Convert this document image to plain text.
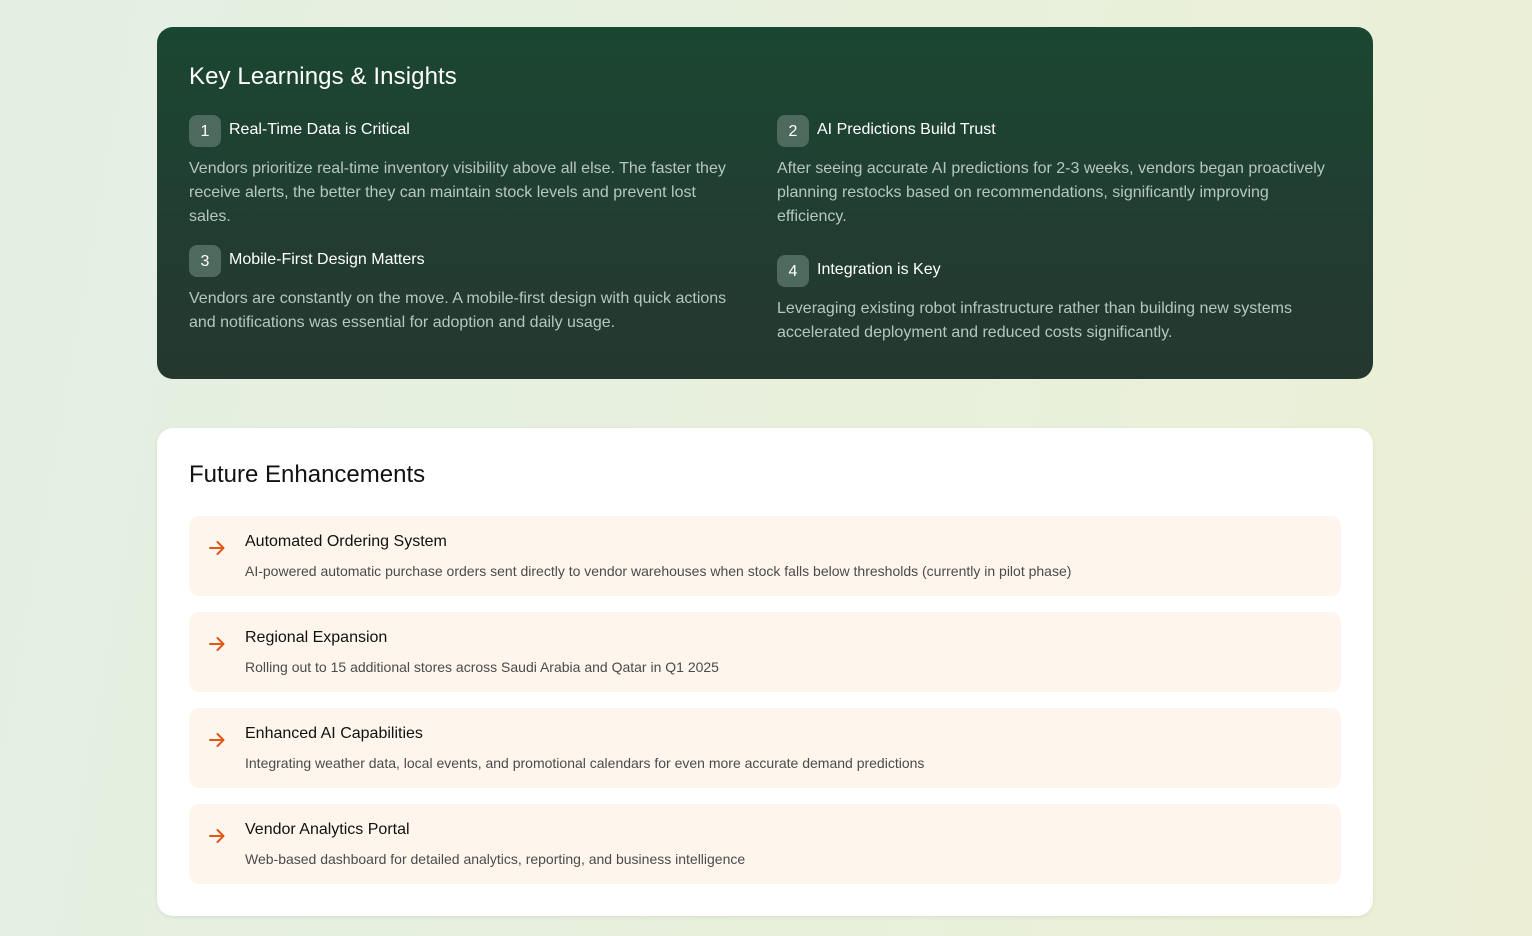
Key Learnings & Insights
1	Real-Time Data is Critical

Vendors prioritize real-time inventory visibility above all else. The faster they receive alerts, the better they can maintain stock levels and prevent lost sales.

2	AI Predictions Build Trust

After seeing accurate AI predictions for 2-3 weeks, vendors began proactively planning restocks based on recommendations, significantly improving efficiency.

3	Mobile-First Design Matters

Vendors are constantly on the move. A mobile-first design with quick actions and notifications was essential for adoption and daily usage.

4	Integration is Key

Leveraging existing robot infrastructure rather than building new systems accelerated deployment and reduced costs significantly.

Future Enhancements
Automated Ordering System
AI-powered automatic purchase orders sent directly to vendor warehouses when stock falls below thresholds (currently in pilot phase)
Regional Expansion
Rolling out to 15 additional stores across Saudi Arabia and Qatar in Q1 2025
Enhanced AI Capabilities
Integrating weather data, local events, and promotional calendars for even more accurate demand predictions
Vendor Analytics Portal
Web-based dashboard for detailed analytics, reporting, and business intelligence
